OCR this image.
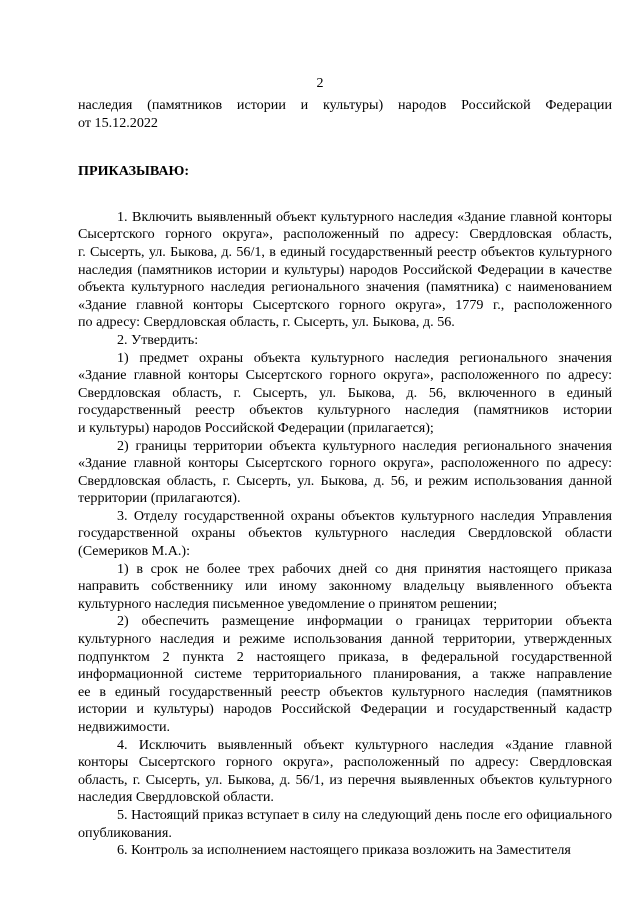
2
наследия (памятников истории и культуры) народов Российской Федерации
от 15.12.2022
ПРИКАЗЫВАЮ:
1. Включить выявленный объект культурного наследия «Здание главной конторы
Сысертского горного округа», расположенный по адресу: Свердловская область,
г. Сысерть, ул. Быкова, д. 56/1, в единый государственный реестр объектов культурного
наследия (памятников истории и культуры) народов Российской Федерации в качестве
объекта культурного наследия регионального значения (памятника) с наименованием
«Здание главной конторы Сысертского горного округа», 1779 г., расположенного
по адресу: Свердловская область, г. Сысерть, ул. Быкова, д. 56.
2. Утвердить:
1) предмет охраны объекта культурного наследия регионального значения
«Здание главной конторы Сысертского горного округа», расположенного по адресу:
Свердловская область, г. Сысерть, ул. Быкова, д. 56, включенного в единый
государственный реестр объектов культурного наследия (памятников истории
и культуры) народов Российской Федерации (прилагается);
2) границы территории объекта культурного наследия регионального значения
«Здание главной конторы Сысертского горного округа», расположенного по адресу:
Свердловская область, г. Сысерть, ул. Быкова, д. 56, и режим использования данной
территории (прилагаются).
3. Отделу государственной охраны объектов культурного наследия Управления
государственной охраны объектов культурного наследия Свердловской области
(Семериков М.А.):
1) в срок не более трех рабочих дней со дня принятия настоящего приказа
направить собственнику или иному законному владельцу выявленного объекта
культурного наследия письменное уведомление о принятом решении;
2) обеспечить размещение информации о границах территории объекта
культурного наследия и режиме использования данной территории, утвержденных
подпунктом 2 пункта 2 настоящего приказа, в федеральной государственной
информационной системе территориального планирования, а также направление
ее в единый государственный реестр объектов культурного наследия (памятников
истории и культуры) народов Российской Федерации и государственный кадастр
недвижимости.
4. Исключить выявленный объект культурного наследия «Здание главной
конторы Сысертского горного округа», расположенный по адресу: Свердловская
область, г. Сысерть, ул. Быкова, д. 56/1, из перечня выявленных объектов культурного
наследия Свердловской области.
5. Настоящий приказ вступает в силу на следующий день после его официального
опубликования.
6. Контроль за исполнением настоящего приказа возложить на Заместителя
